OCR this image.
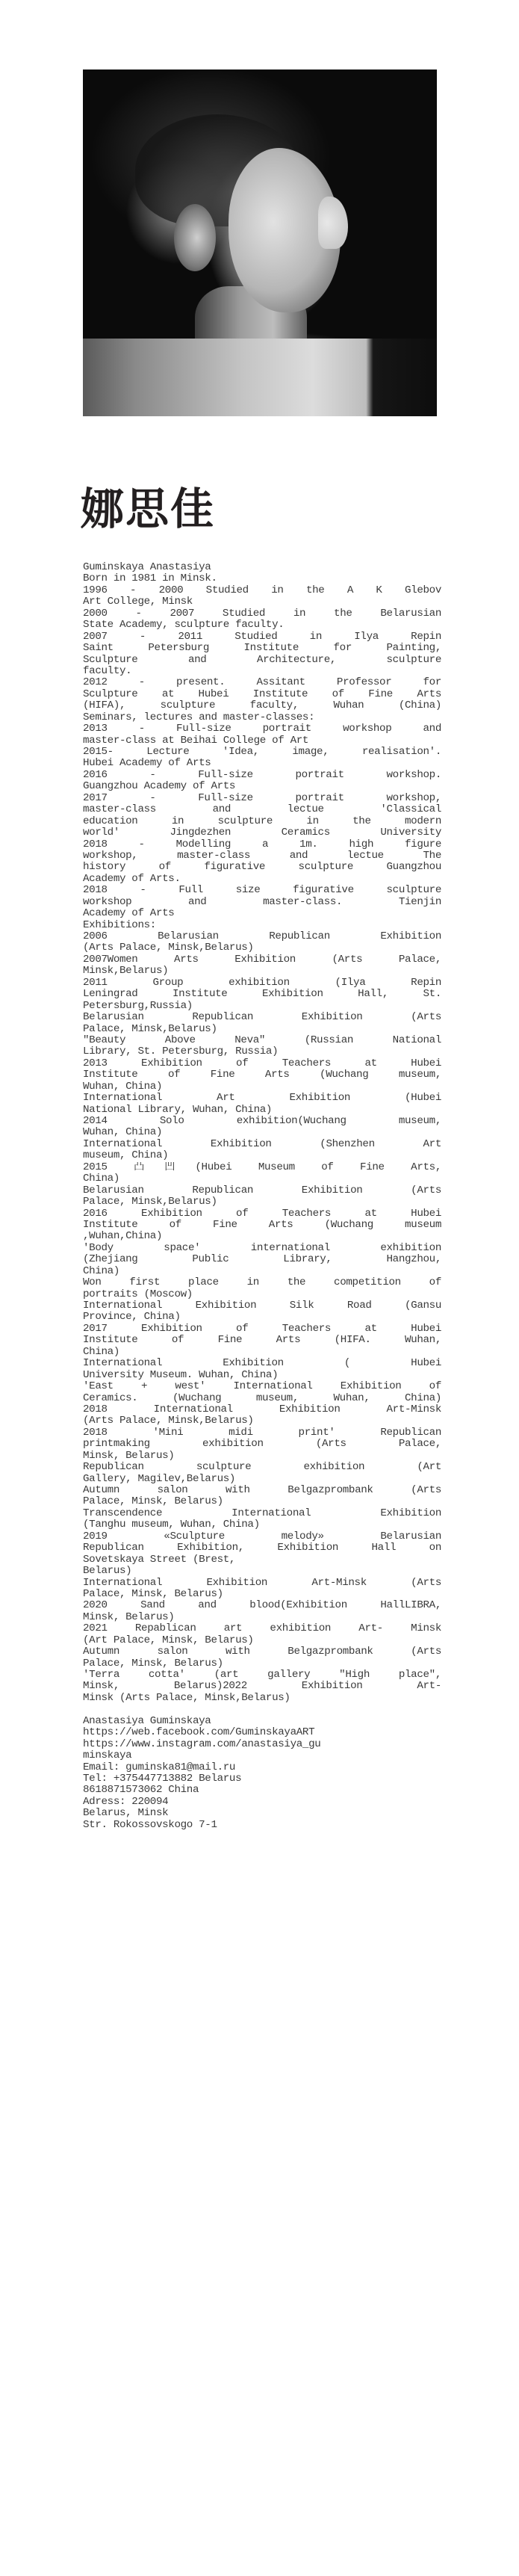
娜思佳
Guminskaya Anastasiya
Born in 1981 in Minsk.
1996 - 2000 Studied in the A K Glebov
Art College, Minsk
2000 - 2007 Studied in the Belarusian
State Academy, sculpture faculty.
2007 - 2011 Studied in Ilya Repin
Saint Petersburg Institute for Painting,
Sculpture and Architecture, sculpture
faculty.
2012 - present. Assitant Professor for
Sculpture at Hubei Institute of Fine Arts
(HIFA), sculpture faculty, Wuhan (China)
Seminars, lectures and master-classes:
2013 - Full-size portrait workshop and
master-class at Beihai College of Art
2015- Lecture 'Idea, image, realisation'.
Hubei Academy of Arts
2016 - Full-size portrait workshop.
Guangzhou Academy of Arts
2017 - Full-size portrait workshop,
master-class and lectue 'Classical
education in sculpture in the modern
world' Jingdezhen Ceramics University
2018 - Modelling a 1m. high figure
workshop, master-class and lectue The
history of figurative sculpture Guangzhou
Academy of Arts.
2018 - Full size figurative sculpture
workshop and master-class. Tienjin
Academy of Arts
Exhibitions:
2006 Belarusian Republican Exhibition
(Arts Palace, Minsk,Belarus)
2007Women Arts Exhibition (Arts Palace,
Minsk,Belarus)
2011 Group exhibition (Ilya Repin
Leningrad Institute Exhibition Hall, St.
Petersburg,Russia)
Belarusian Republican Exhibition (Arts
Palace, Minsk,Belarus)
"Beauty Above Neva" (Russian National
Library, St. Petersburg, Russia)
2013 Exhibition of Teachers at Hubei
Institute of Fine Arts (Wuchang museum,
Wuhan, China)
International Art Exhibition (Hubei
National Library, Wuhan, China)
2014 Solo exhibition(Wuchang museum,
Wuhan, China)
International Exhibition (Shenzhen Art
museum, China)
2015 凸凹(Hubei Museum of Fine Arts,
China)
Belarusian Republican Exhibition (Arts
Palace, Minsk,Belarus)
2016 Exhibition of Teachers at Hubei
Institute of Fine Arts (Wuchang museum
,Wuhan,China)
'Body space' international exhibition
(Zhejiang Public Library, Hangzhou,
China)
Won first place in the competition of
portraits (Moscow)
International Exhibition Silk Road (Gansu
Province, China)
2017 Exhibition of Teachers at Hubei
Institute of Fine Arts (HIFA. Wuhan,
China)
International Exhibition ( Hubei
University Museum. Wuhan, China)
'East + west' International Exhibition of
Ceramics. (Wuchang museum, Wuhan, China)
2018 International Exhibition Art-Minsk
(Arts Palace, Minsk,Belarus)
2018 'Mini midi print' Republican
printmaking exhibition (Arts Palace,
Minsk, Belarus)
Republican sculpture exhibition (Art
Gallery, Magilev,Belarus)
Autumn salon with Belgazprombank (Arts
Palace, Minsk, Belarus)
Transcendence International Exhibition
(Tanghu museum, Wuhan, China)
2019 «Sculpture melody» Belarusian
Republican Exhibition, Exhibition Hall on
Sovetskaya Street (Brest,
Belarus)
International Exhibition Art-Minsk (Arts
Palace, Minsk, Belarus)
2020 Sand and blood(Exhibition HallLIBRA,
Minsk, Belarus)
2021 Repablican art exhibition Art- Minsk
(Art Palace, Minsk, Belarus)
Autumn salon with Belgazprombank (Arts
Palace, Minsk, Belarus)
'Terra cotta' (art gallery "High place",
Minsk, Belarus)2022 Exhibition Art-
Minsk (Arts Palace, Minsk,Belarus)
Anastasiya Guminskaya
https://web.facebook.com/GuminskayaART
https://www.instagram.com/anastasiya_gu
minskaya
Email: guminska81@mail.ru
Tel: +375447713882 Belarus
8618871573062 China
Adress: 220094
Belarus, Minsk
Str. Rokossovskogo 7-1
